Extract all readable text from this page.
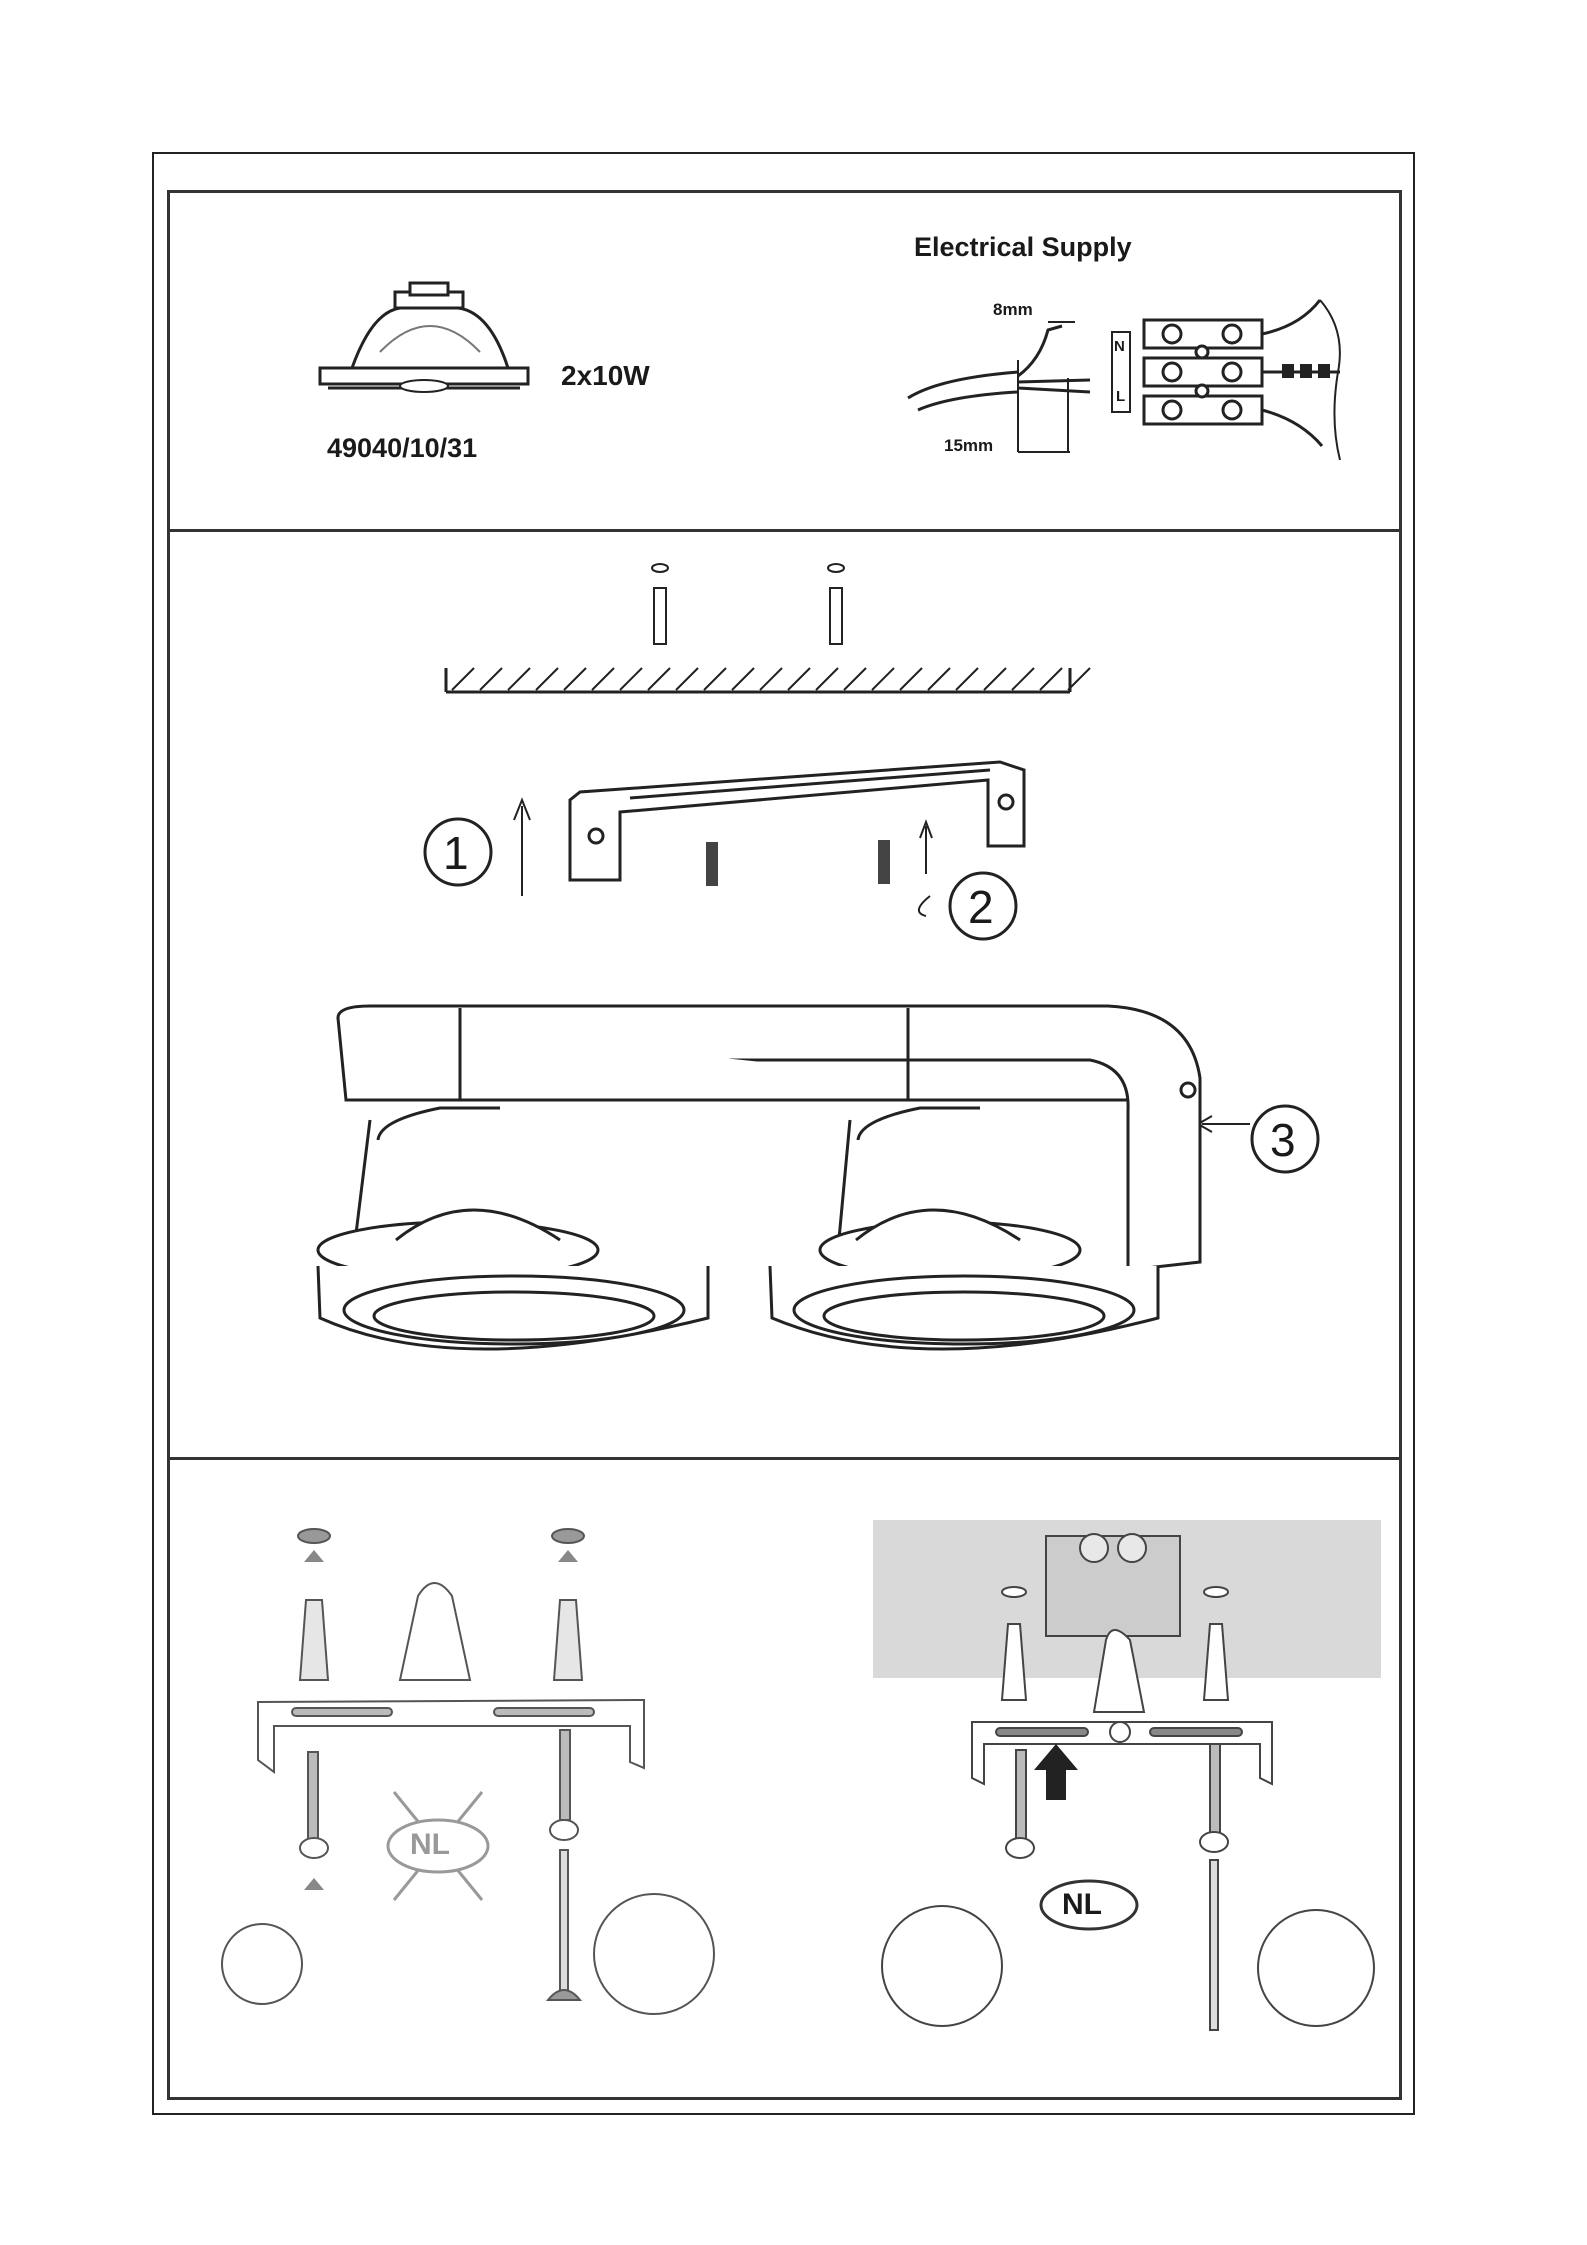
49040/10/31
2x10W
Electrical Supply
8mm
15mm
N
L
1
2
3
NL
NL
